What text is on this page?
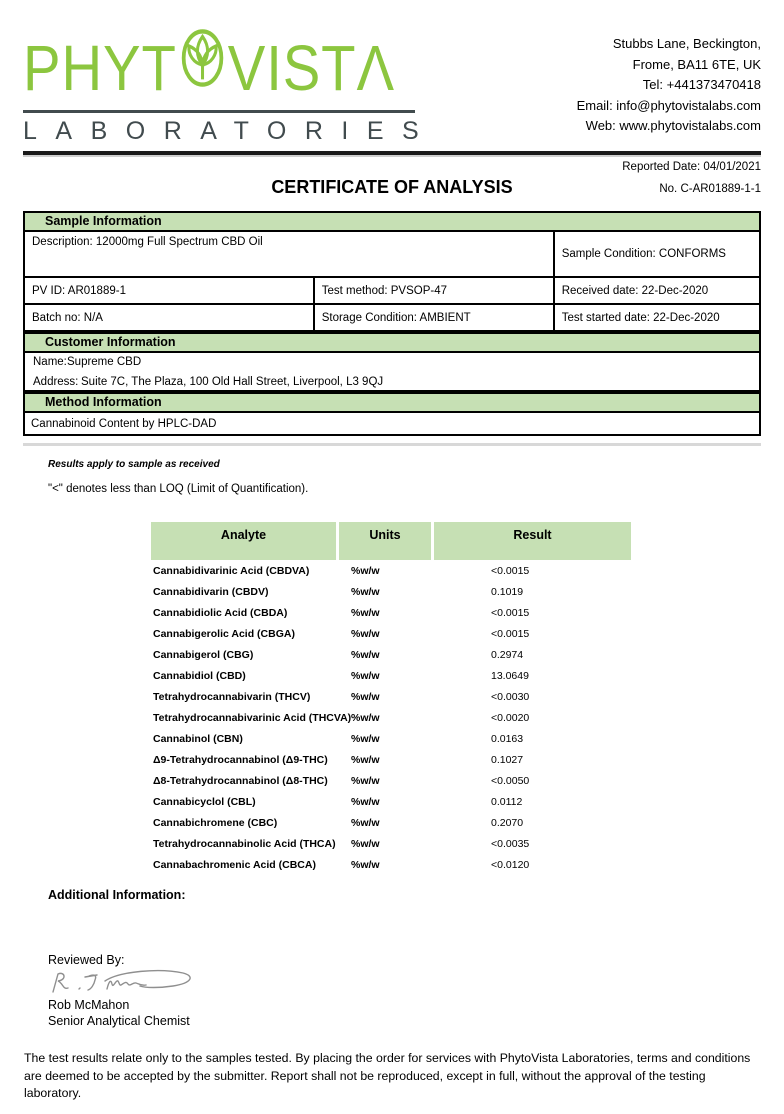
PHYT VIST Λ
LABORATORIES
Stubbs Lane, Beckington,
Frome, BA11 6TE, UK
Tel: +441373470418
Email: info@phytovistalabs.com
Web: www.phytovistalabs.com
Reported Date: 04/01/2021
CERTIFICATE OF ANALYSIS	No. C-AR01889-1-1
Sample Information
Description: 12000mg Full Spectrum CBD Oil
Sample Condition: CONFORMS
PV ID: AR01889-1	Test method: PVSOP-47	Received date: 22-Dec-2020
Batch no: N/A	Storage Condition: AMBIENT	Test started date: 22-Dec-2020
Customer Information
Name:Supreme CBD
Address: Suite 7C, The Plaza, 100 Old Hall Street, Liverpool, L3 9QJ
Method Information
Cannabinoid Content by HPLC-DAD
Results apply to sample as received
"<" denotes less than LOQ (Limit of Quantification).
Analyte	Units	Result
Cannabidivarinic Acid (CBDVA)	%w/w	<0.0015
Cannabidivarin (CBDV)	%w/w	0.1019
Cannabidiolic Acid (CBDA)	%w/w	<0.0015
Cannabigerolic Acid (CBGA)	%w/w	<0.0015
Cannabigerol (CBG)	%w/w	0.2974
Cannabidiol (CBD)	%w/w	13.0649
Tetrahydrocannabivarin (THCV)	%w/w	<0.0030
Tetrahydrocannabivarinic Acid (THCVA) %w/w	<0.0020
Cannabinol (CBN)	%w/w	0.0163
Δ9-Tetrahydrocannabinol (Δ9-THC)	%w/w	0.1027
Δ8-Tetrahydrocannabinol (Δ8-THC)	%w/w	<0.0050
Cannabicyclol (CBL)	%w/w	0.0112
Cannabichromene (CBC)	%w/w	0.2070
Tetrahydrocannabinolic Acid (THCA)	%w/w	<0.0035
Cannabachromenic Acid (CBCA)	%w/w	<0.0120
Additional Information:
Reviewed By:
Rob McMahon
Senior Analytical Chemist
The test results relate only to the samples tested. By placing the order for services with PhytoVista Laboratories, terms and conditions are deemed to be accepted by the submitter. Report shall not be reproduced, except in full, without the approval of the testing laboratory.
